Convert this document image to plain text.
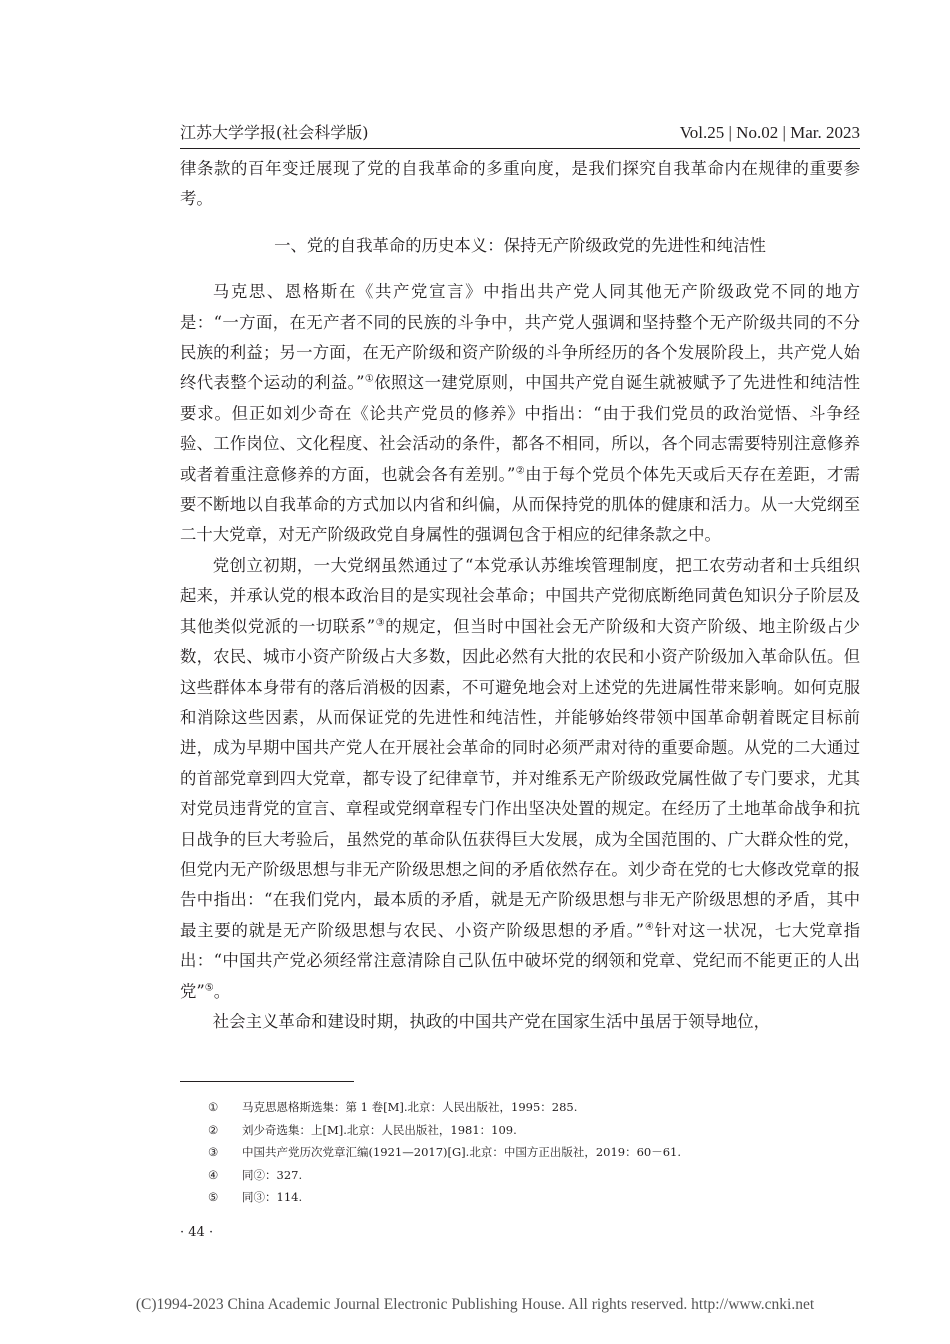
江苏大学学报(社会科学版)	Vol.25 | No.02 | Mar. 2023

律条款的百年变迁展现了党的自我革命的多重向度，是我们探究自我革命内在规律的重要参考。

一、党的自我革命的历史本义：保持无产阶级政党的先进性和纯洁性

马克思、恩格斯在《共产党宣言》中指出共产党人同其他无产阶级政党不同的地方是：“一方面，在无产者不同的民族的斗争中，共产党人强调和坚持整个无产阶级共同的不分民族的利益；另一方面，在无产阶级和资产阶级的斗争所经历的各个发展阶段上，共产党人始终代表整个运动的利益。”①依照这一建党原则，中国共产党自诞生就被赋予了先进性和纯洁性要求。但正如刘少奇在《论共产党员的修养》中指出：“由于我们党员的政治觉悟、斗争经验、工作岗位、文化程度、社会活动的条件，都各不相同，所以，各个同志需要特别注意修养或者着重注意修养的方面，也就会各有差别。”②由于每个党员个体先天或后天存在差距，才需要不断地以自我革命的方式加以内省和纠偏，从而保持党的肌体的健康和活力。从一大党纲至二十大党章，对无产阶级政党自身属性的强调包含于相应的纪律条款之中。

党创立初期，一大党纲虽然通过了“本党承认苏维埃管理制度，把工农劳动者和士兵组织起来，并承认党的根本政治目的是实现社会革命；中国共产党彻底断绝同黄色知识分子阶层及其他类似党派的一切联系”③的规定，但当时中国社会无产阶级和大资产阶级、地主阶级占少数，农民、城市小资产阶级占大多数，因此必然有大批的农民和小资产阶级加入革命队伍。但这些群体本身带有的落后消极的因素，不可避免地会对上述党的先进属性带来影响。如何克服和消除这些因素，从而保证党的先进性和纯洁性，并能够始终带领中国革命朝着既定目标前进，成为早期中国共产党人在开展社会革命的同时必须严肃对待的重要命题。从党的二大通过的首部党章到四大党章，都专设了纪律章节，并对维系无产阶级政党属性做了专门要求，尤其对党员违背党的宣言、章程或党纲章程专门作出坚决处置的规定。在经历了土地革命战争和抗日战争的巨大考验后，虽然党的革命队伍获得巨大发展，成为全国范围的、广大群众性的党，但党内无产阶级思想与非无产阶级思想之间的矛盾依然存在。刘少奇在党的七大修改党章的报告中指出：“在我们党内，最本质的矛盾，就是无产阶级思想与非无产阶级思想的矛盾，其中最主要的就是无产阶级思想与农民、小资产阶级思想的矛盾。”④针对这一状况，七大党章指出：“中国共产党必须经常注意清除自己队伍中破坏党的纲领和党章、党纪而不能更正的人出党”⑤。

社会主义革命和建设时期，执政的中国共产党在国家生活中虽居于领导地位，

①	马克思恩格斯选集：第 1 卷[M].北京：人民出版社，1995：285.
②	刘少奇选集：上[M].北京：人民出版社，1981：109.
③	中国共产党历次党章汇编(1921—2017)[G].北京：中国方正出版社，2019：60－61.
④	同②：327.
⑤	同③：114.
· 44 ·
(C)1994-2023 China Academic Journal Electronic Publishing House. All rights reserved. http://www.cnki.net
